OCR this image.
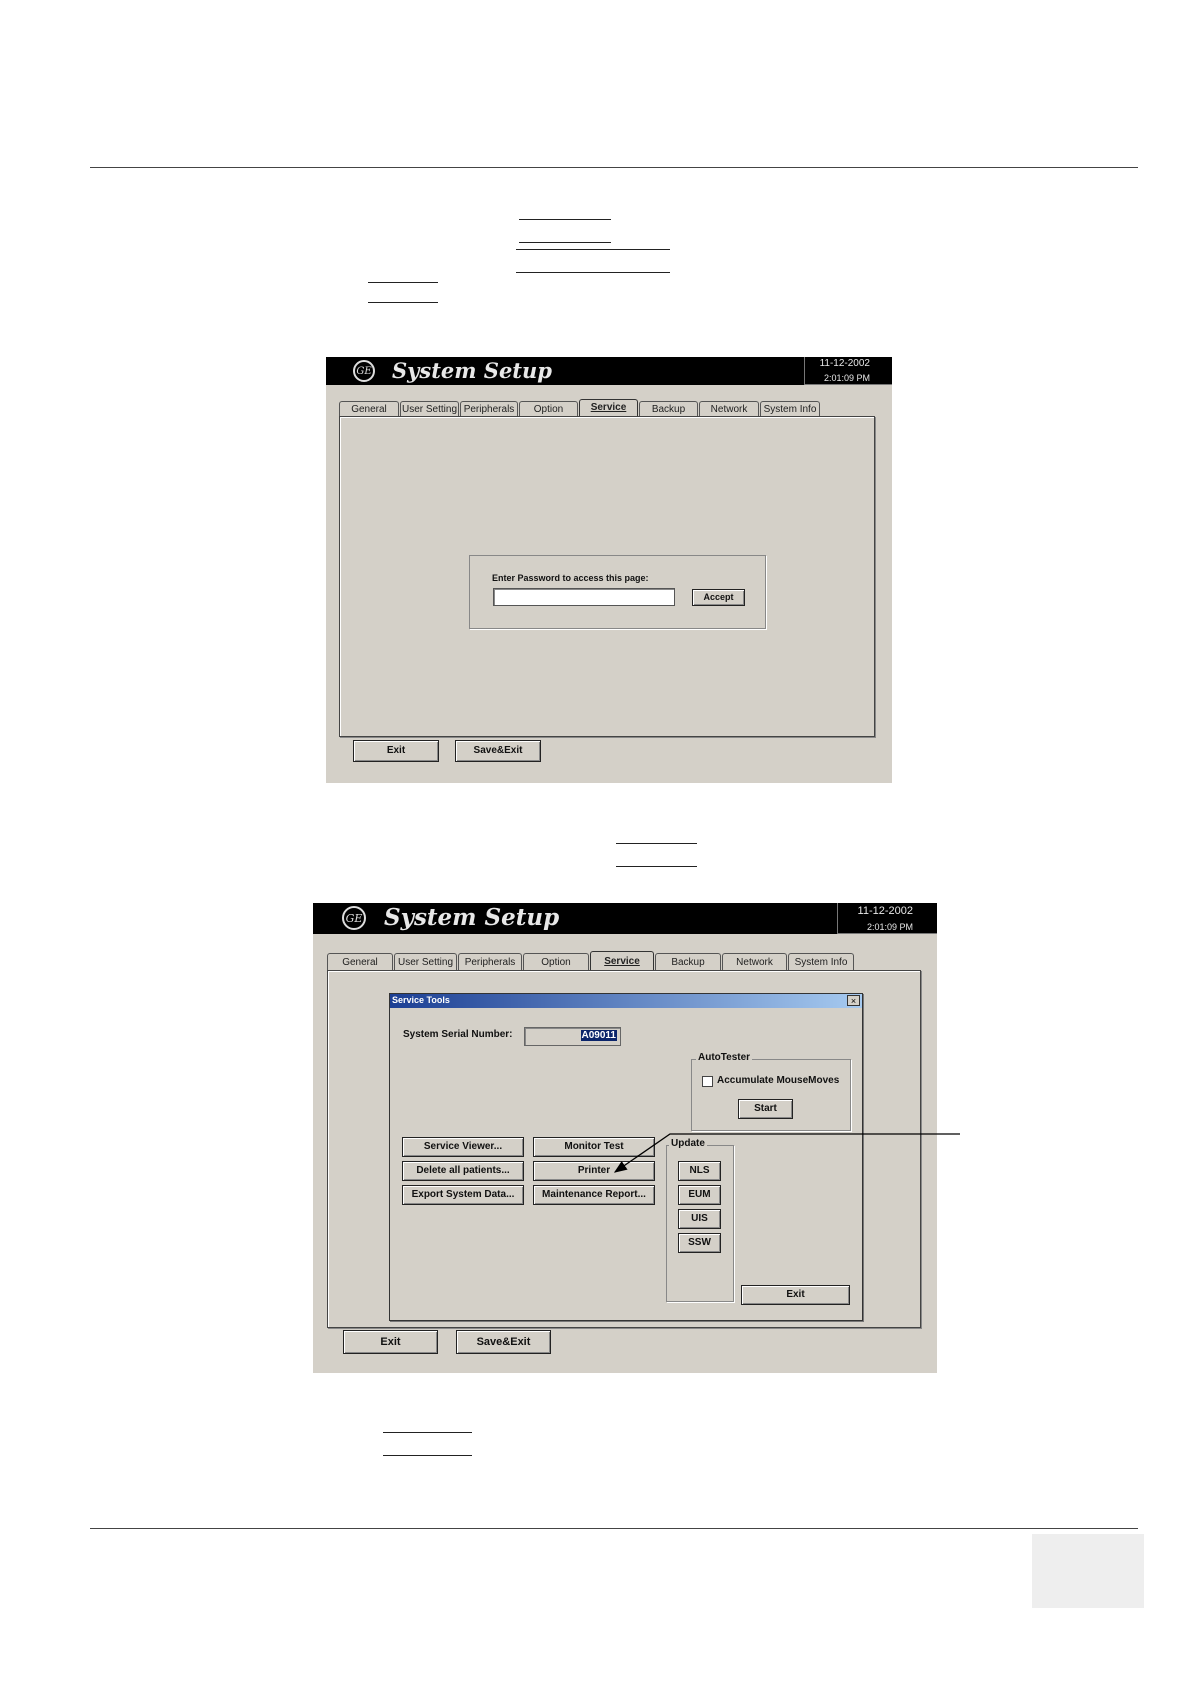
GE System Setup	11-12-2002
2:01:09 PM
General	User Setting Peripherals	Option	Service	Backup	Network	System Info
Enter Password to access this page:
Accept
Exit	Save&Exit
GE System Setup	11-12-2002
2:01:09 PM
General	User Setting	Peripherals	Option	Service	Backup	Network	System Info
Service Tools	×
System Serial Number:	A09011
AutoTester
Accumulate MouseMoves
Start
Service Viewer...
Delete all patients...
Export System Data...
Monitor Test
Printer
Maintenance Report...
Update
NLS
EUM
UIS
SSW
Exit
Exit	Save&Exit
